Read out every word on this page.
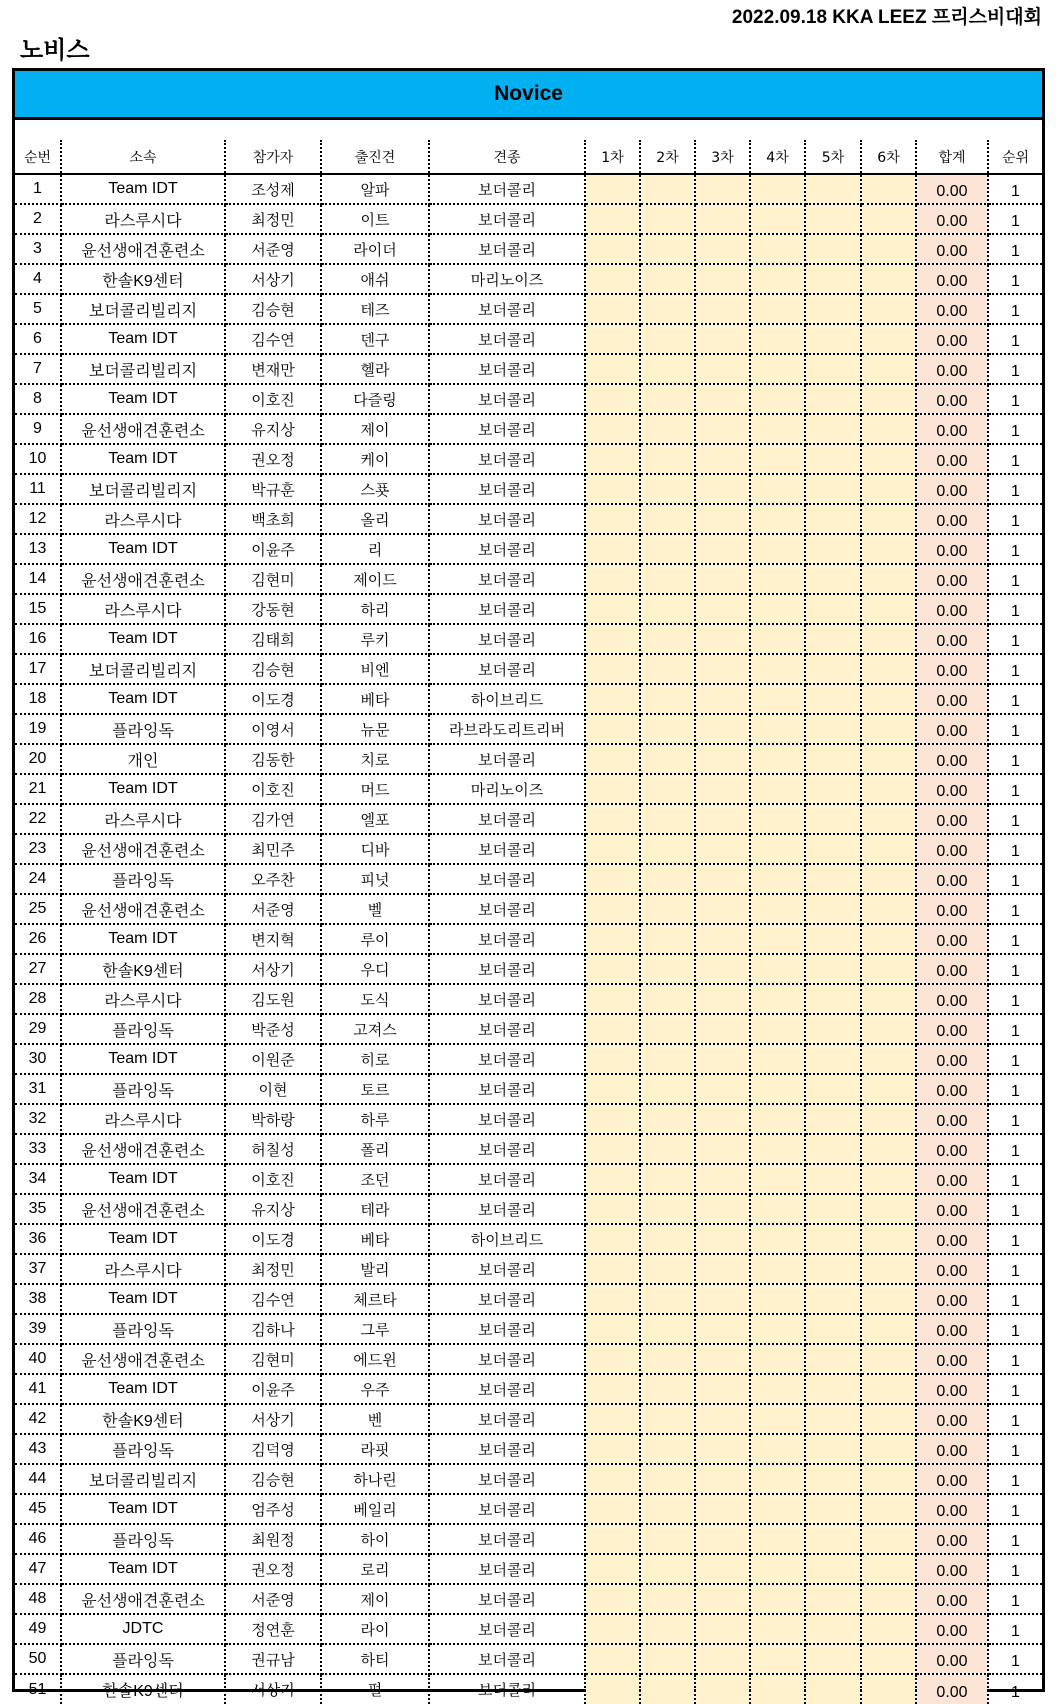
2022.09.18 KKA LEEZ 프리스비대회
노비스
Novice
순번	소속	참가자	출진견	견종	1차	2차	3차	4차	5차	6차	합계	순위
1	Team IDT	조성제	알파	보더콜리							0.00	1
2	라스루시다	최정민	이트	보더콜리							0.00	1
3	윤선생애견훈련소	서준영	라이더	보더콜리							0.00	1
4	한솔K9센터	서상기	애쉬	마리노이즈							0.00	1
5	보더콜리빌리지	김승현	테즈	보더콜리							0.00	1
6	Team IDT	김수연	덴구	보더콜리							0.00	1
7	보더콜리빌리지	변재만	헬라	보더콜리							0.00	1
8	Team IDT	이호진	다즐링	보더콜리							0.00	1
9	윤선생애견훈련소	유지상	제이	보더콜리							0.00	1
10	Team IDT	권오정	케이	보더콜리							0.00	1
11	보더콜리빌리지	박규훈	스푯	보더콜리							0.00	1
12	라스루시다	백초희	올리	보더콜리							0.00	1
13	Team IDT	이윤주	리	보더콜리							0.00	1
14	윤선생애견훈련소	김현미	제이드	보더콜리							0.00	1
15	라스루시다	강동현	하리	보더콜리							0.00	1
16	Team IDT	김태희	루키	보더콜리							0.00	1
17	보더콜리빌리지	김승현	비엔	보더콜리							0.00	1
18	Team IDT	이도경	베타	하이브리드							0.00	1
19	플라잉독	이영서	뉴문	라브라도리트리버							0.00	1
20	개인	김동한	치로	보더콜리							0.00	1
21	Team IDT	이호진	머드	마리노이즈							0.00	1
22	라스루시다	김가연	엘포	보더콜리							0.00	1
23	윤선생애견훈련소	최민주	디바	보더콜리							0.00	1
24	플라잉독	오주찬	피넛	보더콜리							0.00	1
25	윤선생애견훈련소	서준영	벨	보더콜리							0.00	1
26	Team IDT	변지혁	루이	보더콜리							0.00	1
27	한솔K9센터	서상기	우디	보더콜리							0.00	1
28	라스루시다	김도원	도식	보더콜리							0.00	1
29	플라잉독	박준성	고져스	보더콜리							0.00	1
30	Team IDT	이원준	히로	보더콜리							0.00	1
31	플라잉독	이현	토르	보더콜리							0.00	1
32	라스루시다	박하랑	하루	보더콜리							0.00	1
33	윤선생애견훈련소	허칠성	폴리	보더콜리							0.00	1
34	Team IDT	이호진	조던	보더콜리							0.00	1
35	윤선생애견훈련소	유지상	테라	보더콜리							0.00	1
36	Team IDT	이도경	베타	하이브리드							0.00	1
37	라스루시다	최정민	발리	보더콜리							0.00	1
38	Team IDT	김수연	체르타	보더콜리							0.00	1
39	플라잉독	김하나	그루	보더콜리							0.00	1
40	윤선생애견훈련소	김현미	에드윈	보더콜리							0.00	1
41	Team IDT	이윤주	우주	보더콜리							0.00	1
42	한솔K9센터	서상기	벤	보더콜리							0.00	1
43	플라잉독	김덕영	라핏	보더콜리							0.00	1
44	보더콜리빌리지	김승현	하나린	보더콜리							0.00	1
45	Team IDT	엄주성	베일리	보더콜리							0.00	1
46	플라잉독	최원정	하이	보더콜리							0.00	1
47	Team IDT	권오정	로리	보더콜리							0.00	1
48	윤선생애견훈련소	서준영	제이	보더콜리							0.00	1
49	JDTC	정연훈	라이	보더콜리							0.00	1
50	플라잉독	권규남	하티	보더콜리							0.00	1
51	한솔K9센터	서상기	펄	보더콜리							0.00	1
